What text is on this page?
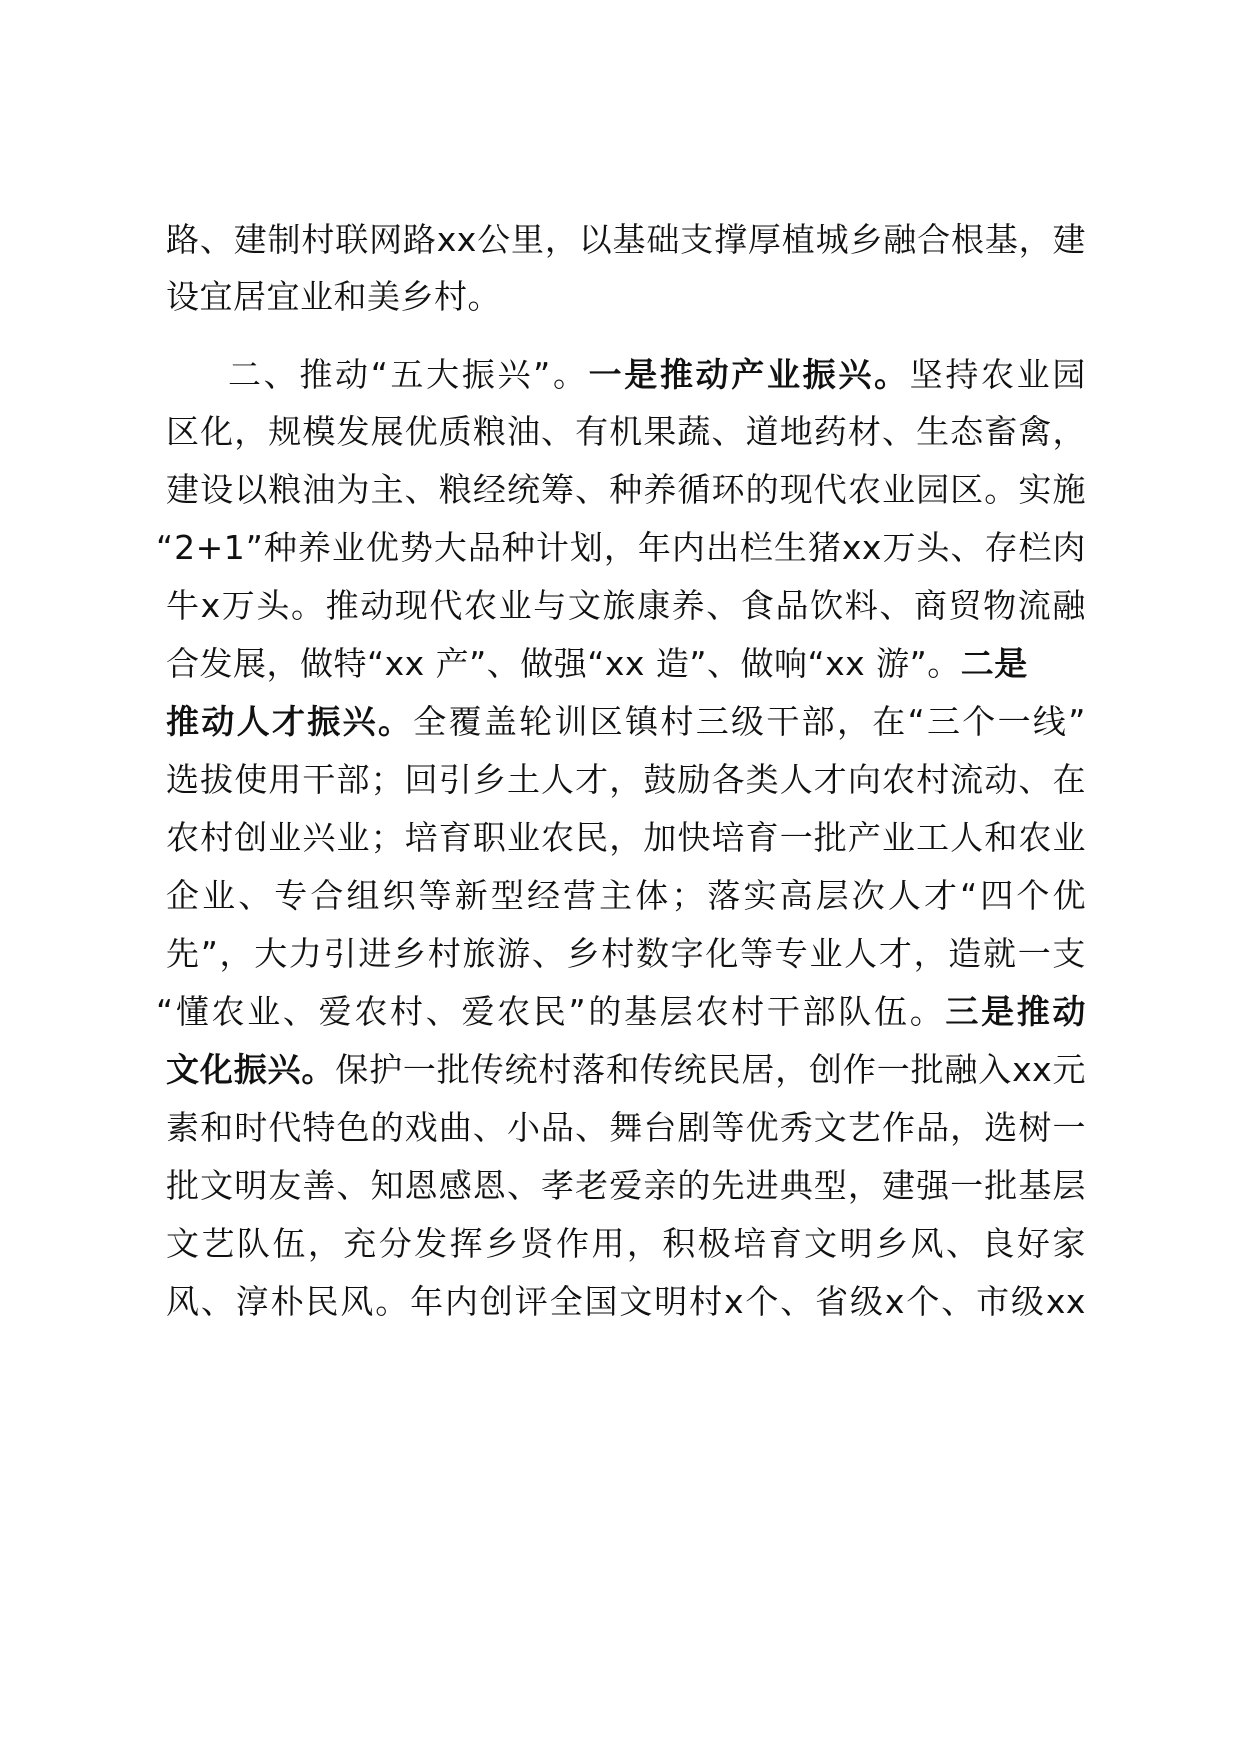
路 、 建 制 村 联 网 路 xx 公 里 ， 以 基 础 支 撑 厚 植 城 乡 融 合 根 基 ， 建
设宜居宜业和美乡村。
二 、 推 动 “ 五 大 振 兴 ” 。 一 是 推 动 产 业 振 兴 。 坚 持 农 业 园
区 化 ， 规 模 发 展 优 质 粮 油 、 有 机 果 蔬 、 道 地 药 材 、 生 态 畜 禽 ，
建 设 以 粮 油 为 主 、 粮 经 统 筹 、 种 养 循 环 的 现 代 农 业 园 区 。 实 施
“ 2+1 ” 种 养 业 优 势 大 品 种 计 划 ， 年 内 出 栏 生 猪 xx 万 头 、 存 栏 肉
牛 x 万 头 。 推 动 现 代 农 业 与 文 旅 康 养 、 食 品 饮 料 、 商 贸 物 流 融
合发展，做特“xx 产”、做强“xx 造”、做响“xx 游”。二是
推 动 人 才 振 兴 。 全 覆 盖 轮 训 区 镇 村 三 级 干 部 ， 在 “ 三 个 一 线 ”
选 拔 使 用 干 部 ； 回 引 乡 土 人 才 ， 鼓 励 各 类 人 才 向 农 村 流 动 、 在
农 村 创 业 兴 业 ； 培 育 职 业 农 民 ， 加 快 培 育 一 批 产 业 工 人 和 农 业
企 业 、 专 合 组 织 等 新 型 经 营 主 体 ； 落 实 高 层 次 人 才 “ 四 个 优
先 ” ， 大 力 引 进 乡 村 旅 游 、 乡 村 数 字 化 等 专 业 人 才 ， 造 就 一 支
“ 懂 农 业 、 爱 农 村 、 爱 农 民 ” 的 基 层 农 村 干 部 队 伍 。 三 是 推 动
文 化 振 兴 。 保 护 一 批 传 统 村 落 和 传 统 民 居 ， 创 作 一 批 融 入 xx 元
素 和 时 代 特 色 的 戏 曲 、 小 品 、 舞 台 剧 等 优 秀 文 艺 作 品 ， 选 树 一
批 文 明 友 善 、 知 恩 感 恩 、 孝 老 爱 亲 的 先 进 典 型 ， 建 强 一 批 基 层
文 艺 队 伍 ， 充 分 发 挥 乡 贤 作 用 ， 积 极 培 育 文 明 乡 风 、 良 好 家
风 、 淳 朴 民 风 。 年 内 创 评 全 国 文 明 村 x 个 、 省 级 x 个 、 市 级 xx
